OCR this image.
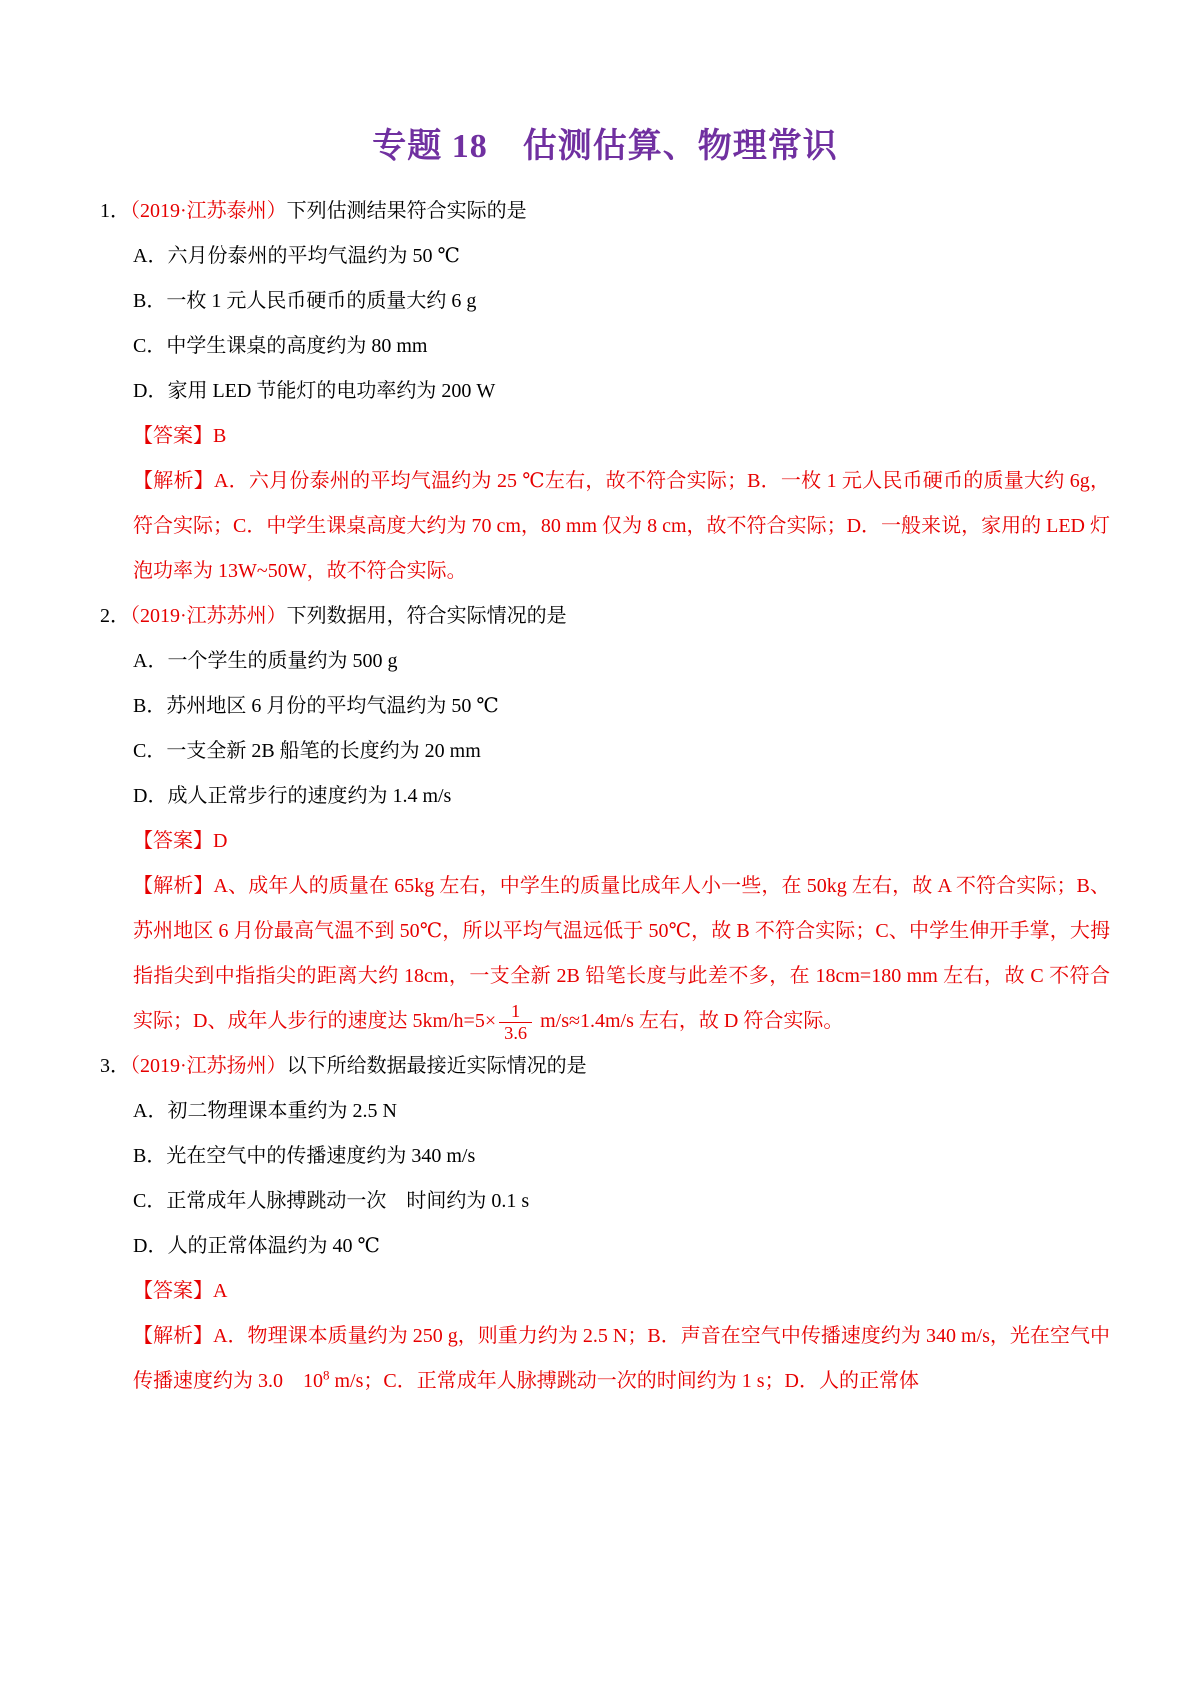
专题 18　估测估算、物理常识

1．（2019·江苏泰州）下列估测结果符合实际的是

A．六月份泰州的平均气温约为 50 ℃

B．一枚 1 元人民币硬币的质量大约 6 g

C．中学生课桌的高度约为 80 mm

D．家用 LED 节能灯的电功率约为 200 W

【答案】B

【解析】A．六月份泰州的平均气温约为 25 ℃左右，故不符合实际；B．一枚 1 元人民币硬币的质量大约 6g，符合实际；C．中学生课桌高度大约为 70 cm，80 mm 仅为 8 cm，故不符合实际；D．一般来说，家用的 LED 灯泡功率为 13W~50W，故不符合实际。

2．（2019·江苏苏州）下列数据用，符合实际情况的是

A．一个学生的质量约为 500 g

B．苏州地区 6 月份的平均气温约为 50 ℃

C．一支全新 2B 船笔的长度约为 20 mm

D．成人正常步行的速度约为 1.4 m/s

【答案】D

【解析】A、成年人的质量在 65kg 左右，中学生的质量比成年人小一些，在 50kg 左右，故 A 不符合实际；B、苏州地区 6 月份最高气温不到 50℃，所以平均气温远低于 50℃，故 B 不符合实际；C、中学生伸开手掌，大拇指指尖到中指指尖的距离大约 18cm，一支全新 2B 铅笔长度与此差不多，在 18cm=180 mm 左右，故 C 不符合实际；D、成年人步行的速度达 $5km/h=5\times \frac{1}{3.6} m/s\approx 1.4m/s$ 左右，故 D 符合实际。

3．（2019·江苏扬州）以下所给数据最接近实际情况的是

A．初二物理课本重约为 2.5 N

B．光在空气中的传播速度约为 340 m/s

C．正常成年人脉搏跳动一次　时间约为 0.1 s

D．人的正常体温约为 40 ℃

【答案】A

【解析】A．物理课本质量约为 250 g，则重力约为 2.5 N；B．声音在空气中传播速度约为 340 m/s，光在空气中传播速度约为 3.0　$10^8$ m/s；C．正常成年人脉搏跳动一次的时间约为 1 s；D．人的正常体
